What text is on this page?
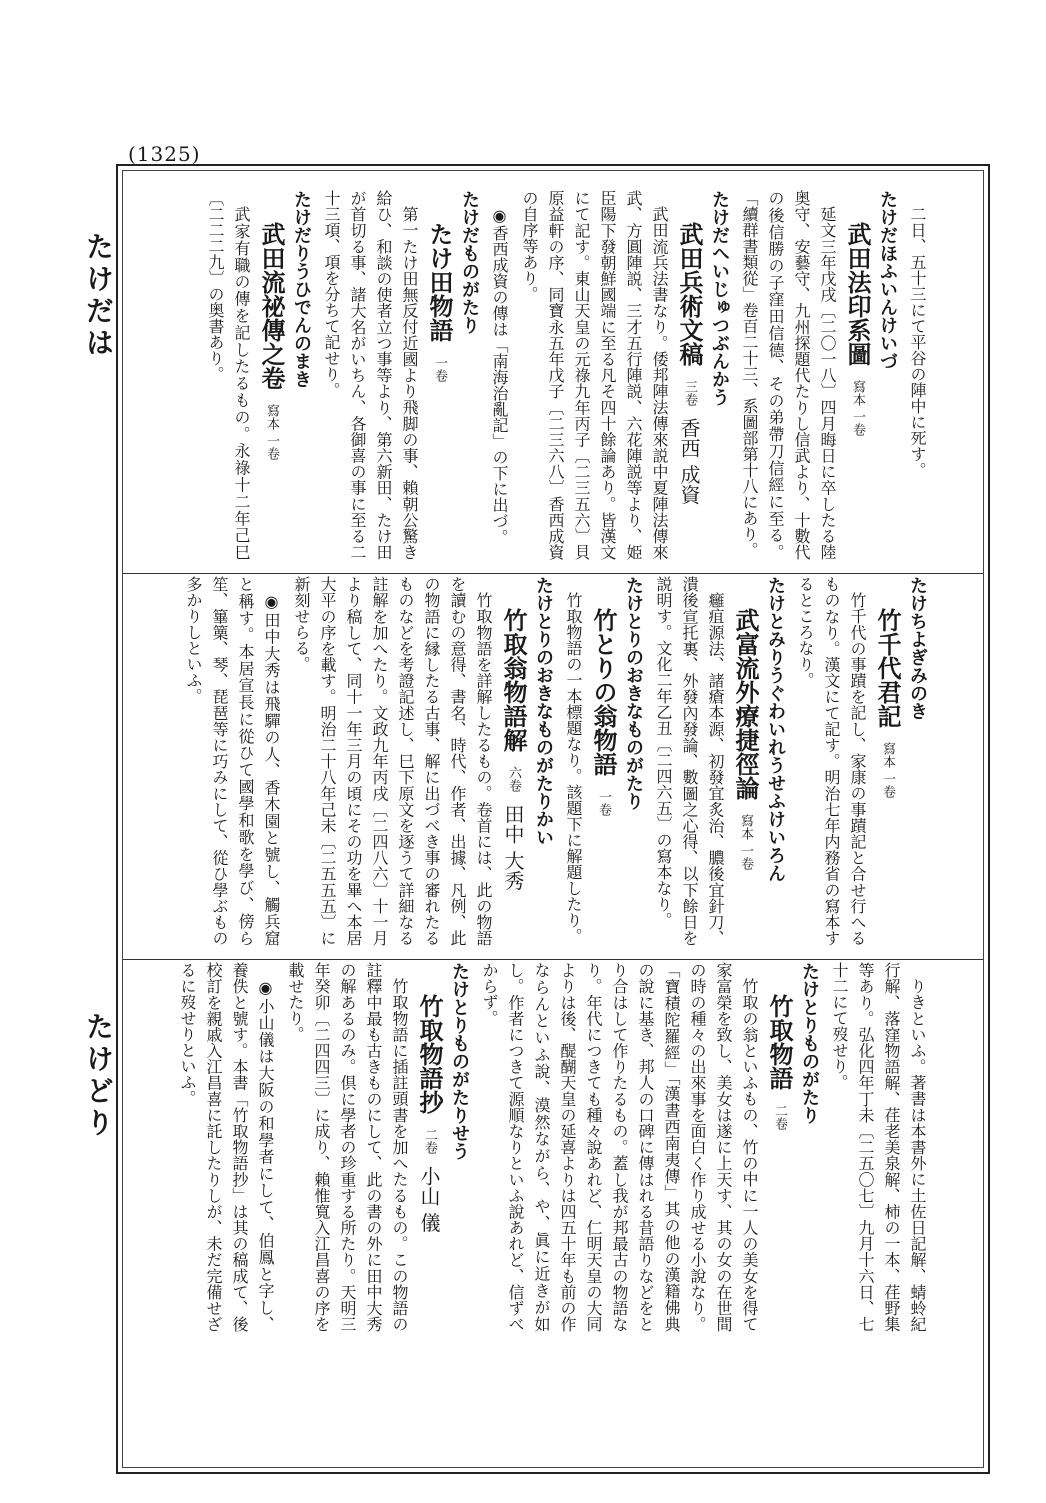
(1325)
たけだは
たけどり
二日、五十三にて平谷の陣中に死す。
たけだほふいんけいづ
武田法印系圖寫本 一卷
延文三年戊戌〔二〇一八〕四月晦日に卒したる陸奥守、安藝守、九州探題代たりし信武より、十數代の後信勝の子窪田信德、その弟帶刀信經に至る。「續群書類從」卷百二十三、系圖部第十八にあり。
たけだへいじゅつぶんかう
武田兵術文稿三卷香西 成資
武田流兵法書なり。倭邦陣法傳來説中夏陣法傳來武、方圓陣説、三才五行陣説、六花陣説等より、姫臣陽下發朝鮮國端に至る凡そ四十餘論あり。皆漢文にて記す。東山天皇の元祿九年丙子〔二三五六〕貝原益軒の序、同寶永五年戊子〔二三六八〕香西成資の自序等あり。
◉香西成資の傳は「南海治亂記」の下に出づ。
たけだものがたり
たけ田物語一卷
第一たけ田無反付近國より飛脚の事、賴朝公驚き給ひ、和談の使者立つ事等より、第六新田、たけ田が首切る事、諸大名がいちん、各御喜の事に至る二十三項、項を分ちて記せり。
たけだりうひでんのまき
武田流祕傳之卷寫本 一卷
武家有職の傳を記したるもの。永祿十二年己巳〔二二二九〕の奥書あり。
たけちよぎみのき
竹千代君記寫本 一卷
竹千代の事蹟を記し、家康の事蹟記と合せ行へるものなり。漢文にて記す。明治七年内務省の寫本するところなり。
たけとみりうぐわいれうせふけいろん
武富流外療捷徑論寫本 一卷
癰疽源法、諸瘡本源、初發宜炙治、膿後宜針刀、潰後宣托裏、外發內發論、數圖之心得、以下餘日を説明す。文化二年乙丑〔二四六五〕の寫本なり。
たけとりのおきなものがたり
竹とりの翁物語一卷
竹取物語の一本標題なり。該題下に解題したり。
たけとりのおきなものがたりかい
竹取翁物語解六卷田中 大秀
竹取物語を詳解したるもの。卷首には、此の物語を讀むの意得、書名、時代、作者、出據、凡例、此の物語に縁したる古事、解に出づべき事の審れたるものなどを考證記述し、巳下原文を逐うて詳細なる註解を加へたり。文政九年丙戌〔二四八六〕十一月より稿して、同十一年三月の頃にその功を畢へ本居大平の序を載す。明治二十八年己未〔二五五五〕に新刻せらる。
◉田中大秀は飛驒の人、香木園と號し、觸兵窟と稱す。本居宣長に從ひて國學和歌を學び、傍ら笙、篳篥、琴、琵琶等に巧みにして、從ひ學ぶもの多かりしといふ。
りきといふ。著書は本書外に土佐日記解、蜻蛉紀行解、落窪物語解、荏老美泉解、柿の一本、荏野集等あり。弘化四年丁未〔二五〇七〕九月十六日、七十二にて歿せり。
たけとりものがたり
竹取物語二卷
竹取の翁といふもの、竹の中に一人の美女を得て家富榮を致し、美女は遂に上天す、其の女の在世間の時の種々の出來事を面白く作り成せる小說なり。「寶積陀羅經」「漢書西南夷傳」其の他の漢籍佛典の說に基き、邦人の口碑に傳はれる昔語りなどをとり合はして作りたるもの。蓋し我が邦最古の物語なり。年代につきても種々說あれど、仁明天皇の大同よりは後、醍醐天皇の延喜よりは四五十年も前の作ならんといふ說、漠然ながら、や、眞に近きが如し。作者につきて源順なりといふ說あれど、信ずべからず。
たけとりものがたりせう
竹取物語抄二卷小山 儀
竹取物語に插註頭書を加へたるもの。この物語の註釋中最も古きものにして、此の書の外に田中大秀の解あるのみ。倶に學者の珍重する所たり。天明三年癸卯〔二四四三〕に成り、賴惟寬入江昌喜の序を載せたり。
◉小山儀は大阪の和學者にして、伯鳳と字し、養佚と號す。本書「竹取物語抄」は其の稿成て、後校訂を親戚入江昌喜に託したりしが、未だ完備せざるに歿せりといふ。
